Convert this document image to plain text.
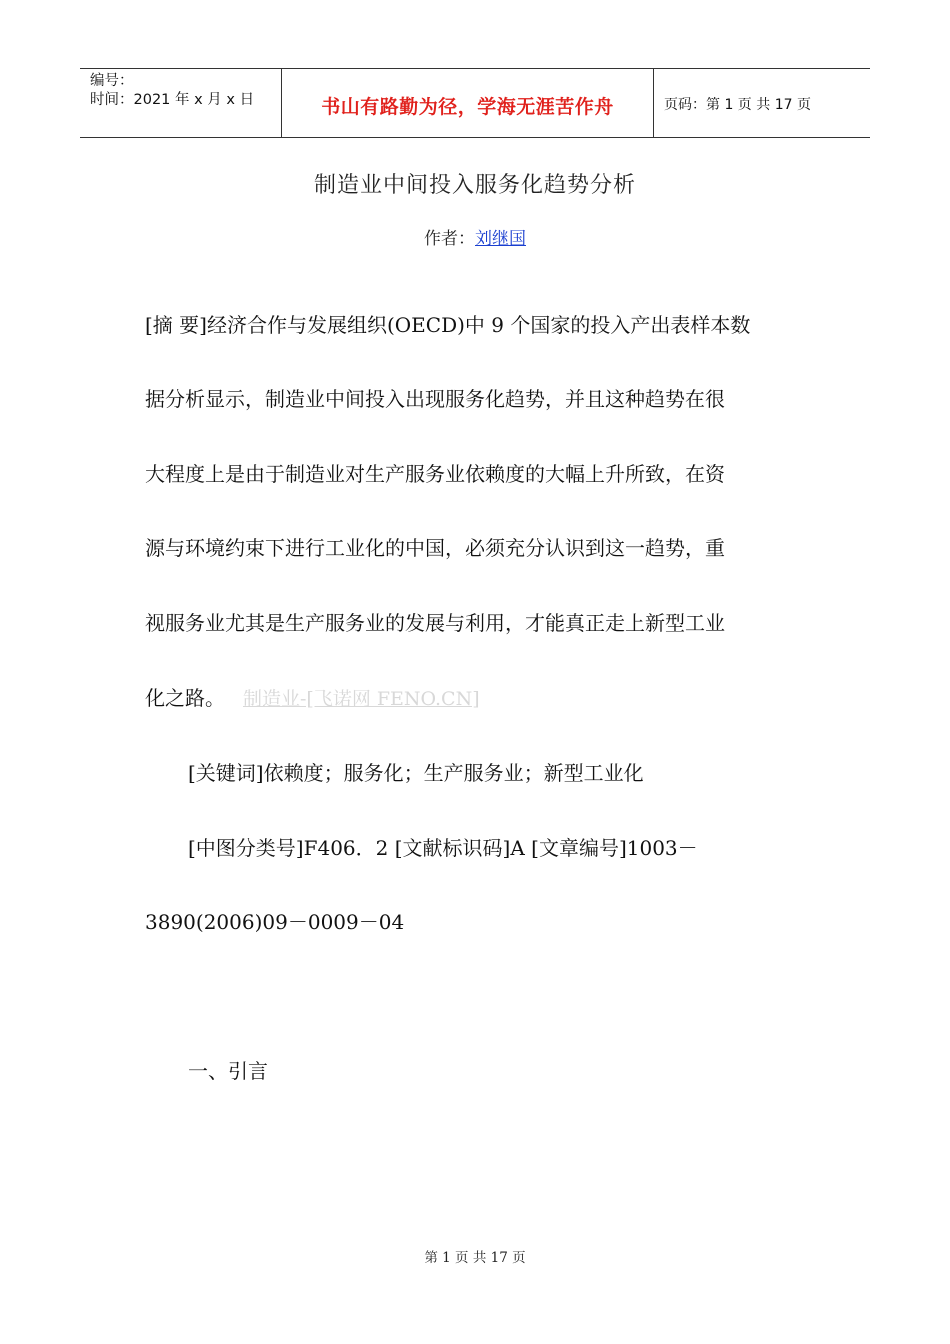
编号：
时间：2021 年 x 月 x 日	书山有路勤为径，学海无涯苦作舟	页码：第 1 页 共 17 页
制造业中间投入服务化趋势分析
作者：刘继国
[摘 要]经济合作与发展组织(OECD)中 9 个国家的投入产出表样本数
据分析显示，制造业中间投入出现服务化趋势，并且这种趋势在很
大程度上是由于制造业对生产服务业依赖度的大幅上升所致，在资
源与环境约束下进行工业化的中国，必须充分认识到这一趋势，重
视服务业尤其是生产服务业的发展与利用，才能真正走上新型工业
化之路。 制造业-[飞诺网 FENO.CN]
[关键词]依赖度；服务化；生产服务业；新型工业化
[中图分类号]F406．2 [文献标识码]A [文章编号]1003－
3890(2006)09－0009－04
一、引言
第 1 页 共 17 页
